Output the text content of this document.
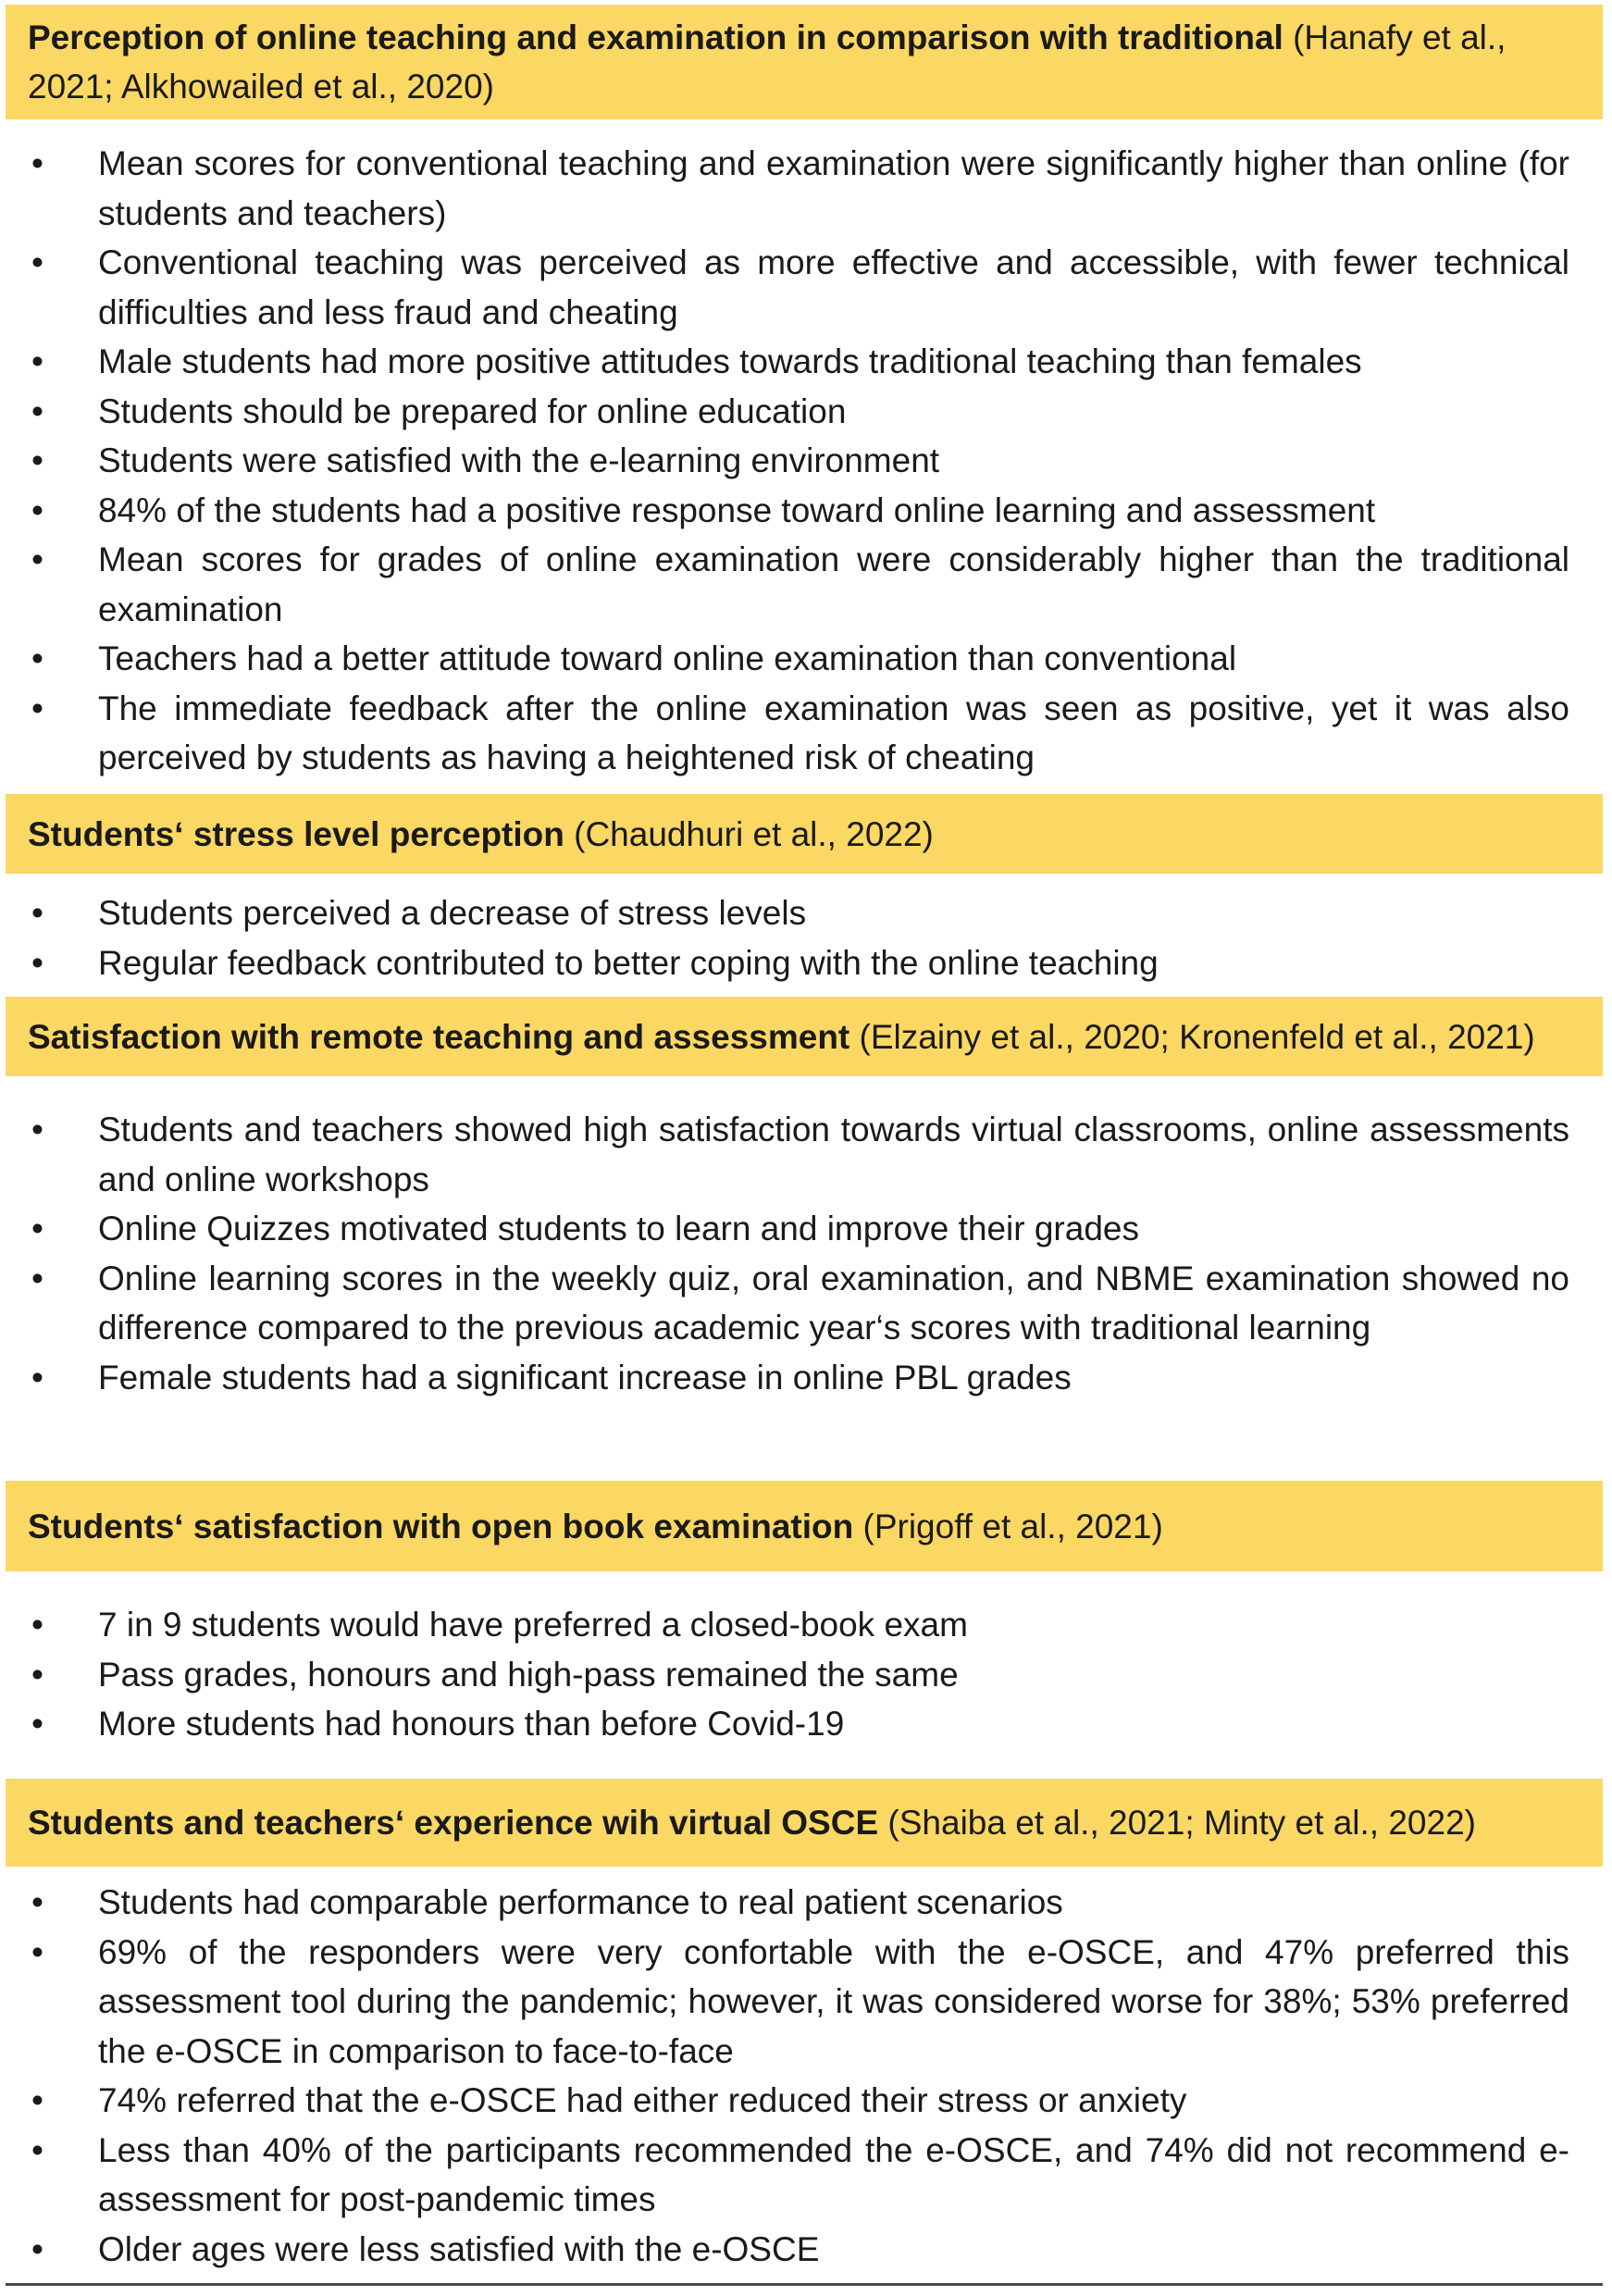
Perception of online teaching and examination in comparison with traditional (Hanafy et al., 2021; Alkhowailed et al., 2020)
• Mean scores for conventional teaching and examination were significantly higher than online (for students and teachers)
• Conventional teaching was perceived as more effective and accessible, with fewer technical difficulties and less fraud and cheating
• Male students had more positive attitudes towards traditional teaching than females
• Students should be prepared for online education
• Students were satisfied with the e-learning environment
• 84% of the students had a positive response toward online learning and assessment
• Mean scores for grades of online examination were considerably higher than the traditional examination
• Teachers had a better attitude toward online examination than conventional
• The immediate feedback after the online examination was seen as positive, yet it was also perceived by students as having a heightened risk of cheating
Students‘ stress level perception (Chaudhuri et al., 2022)
• Students perceived a decrease of stress levels
• Regular feedback contributed to better coping with the online teaching
Satisfaction with remote teaching and assessment (Elzainy et al., 2020; Kronenfeld et al., 2021)
• Students and teachers showed high satisfaction towards virtual classrooms, online assessments and online workshops
• Online Quizzes motivated students to learn and improve their grades
• Online learning scores in the weekly quiz, oral examination, and NBME examination showed no difference compared to the previous academic year‘s scores with traditional learning
• Female students had a significant increase in online PBL grades
Students‘ satisfaction with open book examination (Prigoff et al., 2021)
• 7 in 9 students would have preferred a closed-book exam
• Pass grades, honours and high-pass remained the same
• More students had honours than before Covid-19
Students and teachers‘ experience wih virtual OSCE (Shaiba et al., 2021; Minty et al., 2022)
• Students had comparable performance to real patient scenarios
• 69% of the responders were very confortable with the e-OSCE, and 47% preferred this assessment tool during the pandemic; however, it was considered worse for 38%; 53% preferred the e-OSCE in comparison to face-to-face
• 74% referred that the e-OSCE had either reduced their stress or anxiety
• Less than 40% of the participants recommended the e-OSCE, and 74% did not recommend e-assessment for post-pandemic times
• Older ages were less satisfied with the e-OSCE
